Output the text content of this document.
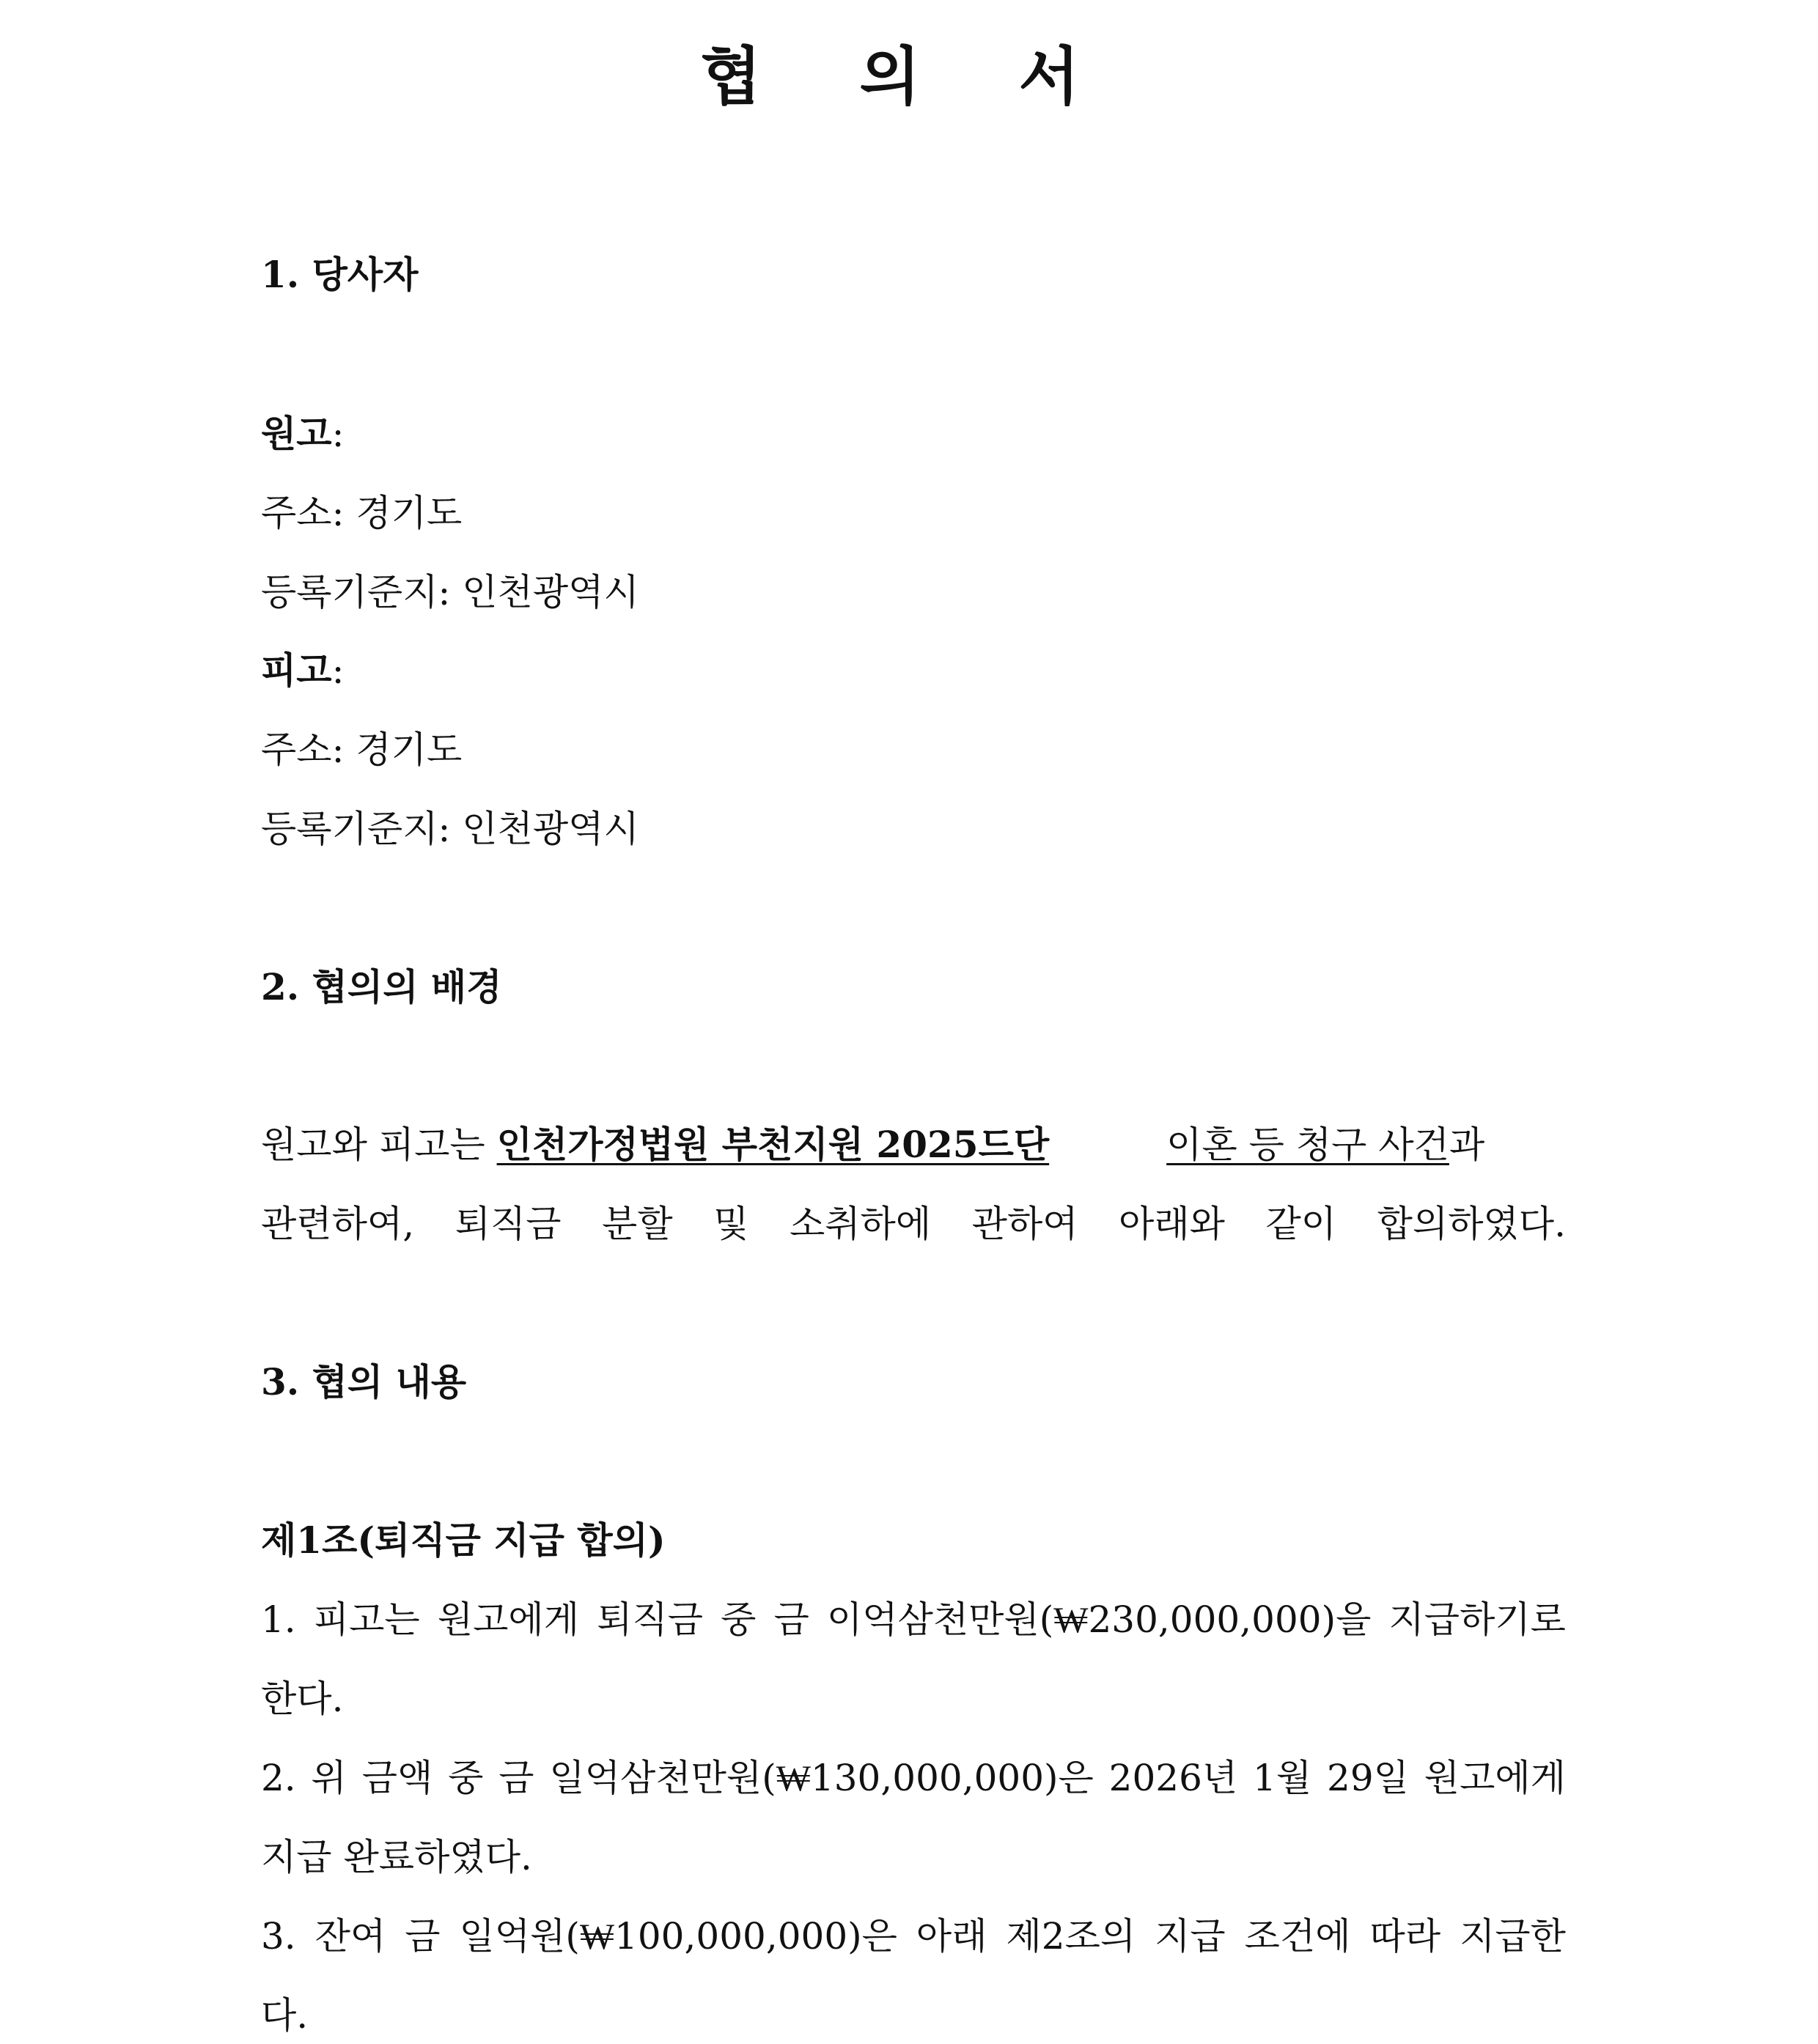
협 의 서
1. 당사자
원고:
주소: 경기도
등록기준지: 인천광역시
피고:
주소: 경기도
등록기준지: 인천광역시
2. 협의의 배경
원고와 피고는 인천가정법원 부천지원 2025드단	이혼 등 청구 사건과
관련하여, 퇴직금 분할 및 소취하에 관하여 아래와 같이 합의하였다.
3. 협의 내용
제1조(퇴직금 지급 합의)
1. 피고는 원고에게 퇴직금 중 금 이억삼천만원(₩230,000,000)을 지급하기로
한다.
2. 위 금액 중 금 일억삼천만원(₩130,000,000)은 2026년 1월 29일 원고에게
지급 완료하였다.
3. 잔여 금 일억원(₩100,000,000)은 아래 제2조의 지급 조건에 따라 지급한
다.
